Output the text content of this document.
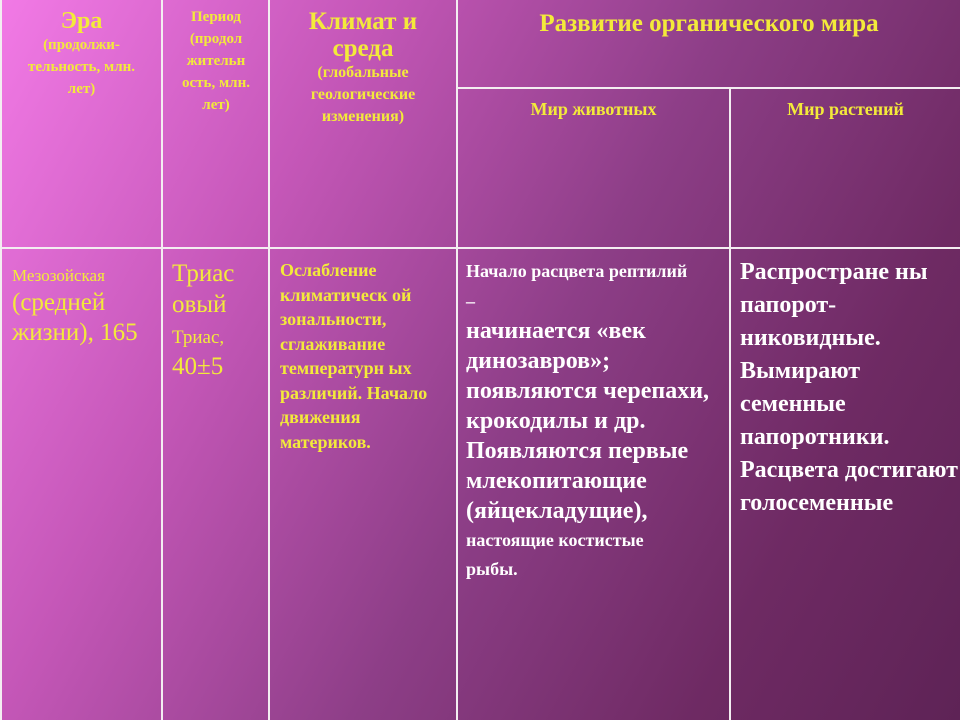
Эра
(продолжи-тельность, млн. лет)
Период (продол жительн ость, млн. лет)
Климат и среда
(глобальные геологические изменения)
Развитие органического мира
Мир животных	Мир растений
Мезозойская
(средней жизни), 165
Триас овый
Триас,
40±5
Ослабление климатическ ой зональности, сглаживание температурн ых различий. Начало движения материков.
Начало расцвета рептилий –
начинается «век динозавров»; появляются черепахи, крокодилы и др. Появляются первые млекопитающие (яйцекладущие),
настоящие костистые рыбы.
Распростране ны папорот-никовидные. Вымирают семенные папоротники. Расцвета достигают голосеменные
